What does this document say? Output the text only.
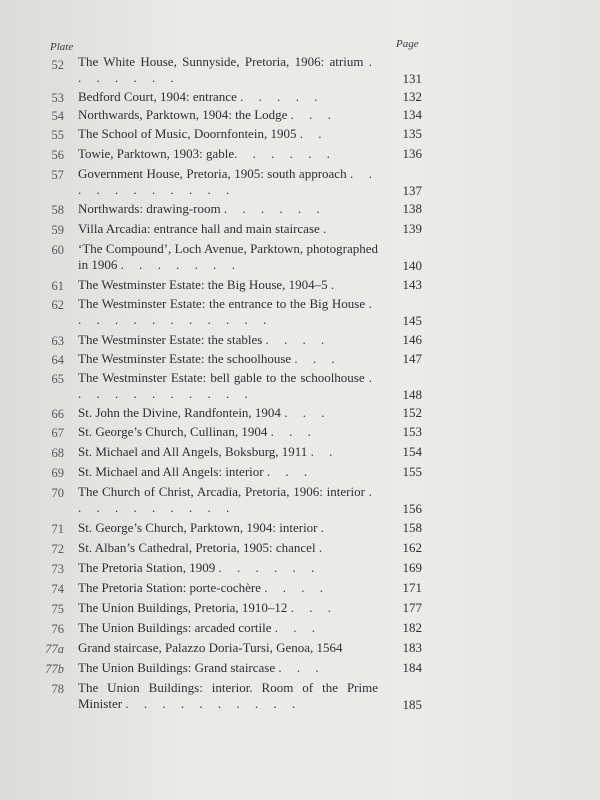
Plate	Page
52 The White House, Sunnyside, Pretoria, 1906: atrium . . . . . . .	131
53 Bedford Court, 1904: entrance . . . . .	132
54 Northwards, Parktown, 1904: the Lodge . . .	134
55 The School of Music, Doornfontein, 1905 . .	135
56 Towie, Parktown, 1903: gable. . . . . .	136
57 Government House, Pretoria, 1905: south approach . . . . . . . . . . .	137
58 Northwards: drawing-room . . . . . .	138
59 Villa Arcadia: entrance hall and main staircase .	139
60 ‘The Compound’, Loch Avenue, Parktown, photographed in 1906 . . . . . . .	140
61 The Westminster Estate: the Big House, 1904–5 .	143
62 The Westminster Estate: the entrance to the Big House . . . . . . . . . . . .	145
63 The Westminster Estate: the stables . . . .	146
64 The Westminster Estate: the schoolhouse . . .	147
65 The Westminster Estate: bell gable to the schoolhouse . . . . . . . . . . .	148
66 St. John the Divine, Randfontein, 1904 . . .	152
67 St. George’s Church, Cullinan, 1904 . . .	153
68 St. Michael and All Angels, Boksburg, 1911 . .	154
69 St. Michael and All Angels: interior . . .	155
70 The Church of Christ, Arcadia, Pretoria, 1906: interior . . . . . . . . . .	156
71 St. George’s Church, Parktown, 1904: interior .	158
72 St. Alban’s Cathedral, Pretoria, 1905: chancel .	162
73 The Pretoria Station, 1909 . . . . . .	169
74 The Pretoria Station: porte-cochère . . . .	171
75 The Union Buildings, Pretoria, 1910–12 . . .	177
76 The Union Buildings: arcaded cortile . . .	182
77a Grand staircase, Palazzo Doria-Tursi, Genoa, 1564	183
77b The Union Buildings: Grand staircase . . .	184
78 The Union Buildings: interior. Room of the Prime Minister . . . . . . . . . .	185
